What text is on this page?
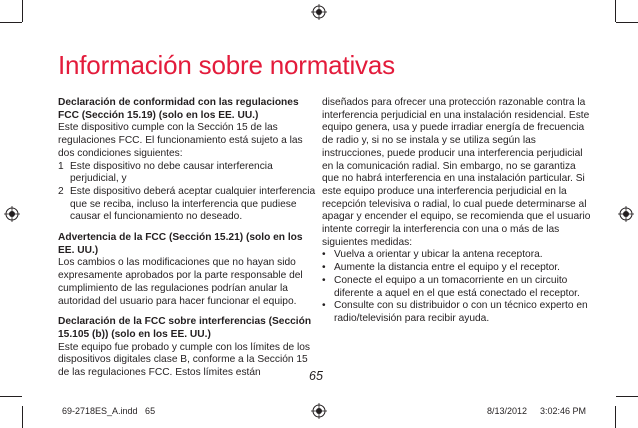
Información sobre normativas

Declaración de conformidad con las regulaciones FCC (Sección 15.19) (solo en los EE. UU.)

Este dispositivo cumple con la Sección 15 de las regulaciones FCC. El funcionamiento está sujeto a las dos condiciones siguientes:

1 Este dispositivo no debe causar interferencia perjudicial, y
2 Este dispositivo deberá aceptar cualquier interferencia que se reciba, incluso la interferencia que pudiese causar el funcionamiento no deseado.

Advertencia de la FCC (Sección 15.21) (solo en los EE. UU.)

Los cambios o las modificaciones que no hayan sido expresamente aprobados por la parte responsable del cumplimiento de las regulaciones podrían anular la autoridad del usuario para hacer funcionar el equipo.

Declaración de la FCC sobre interferencias (Sección 15.105 (b)) (solo en los EE. UU.)

Este equipo fue probado y cumple con los límites de los dispositivos digitales clase B, conforme a la Sección 15 de las regulaciones FCC. Estos límites están

diseñados para ofrecer una protección razonable contra la interferencia perjudicial en una instalación residencial. Este equipo genera, usa y puede irradiar energía de frecuencia de radio y, si no se instala y se utiliza según las instrucciones, puede producir una interferencia perjudicial en la comunicación radial. Sin embargo, no se garantiza que no habrá interferencia en una instalación particular. Si este equipo produce una interferencia perjudicial en la recepción televisiva o radial, lo cual puede determinarse al apagar y encender el equipo, se recomienda que el usuario intente corregir la interferencia con una o más de las siguientes medidas:

• Vuelva a orientar y ubicar la antena receptora.
• Aumente la distancia entre el equipo y el receptor.
• Conecte el equipo a un tomacorriente en un circuito diferente a aquel en el que está conectado el receptor.
• Consulte con su distribuidor o con un técnico experto en radio/televisión para recibir ayuda.
65
69-2718ES_A.indd   65	8/13/2012 3:02:46 PM
